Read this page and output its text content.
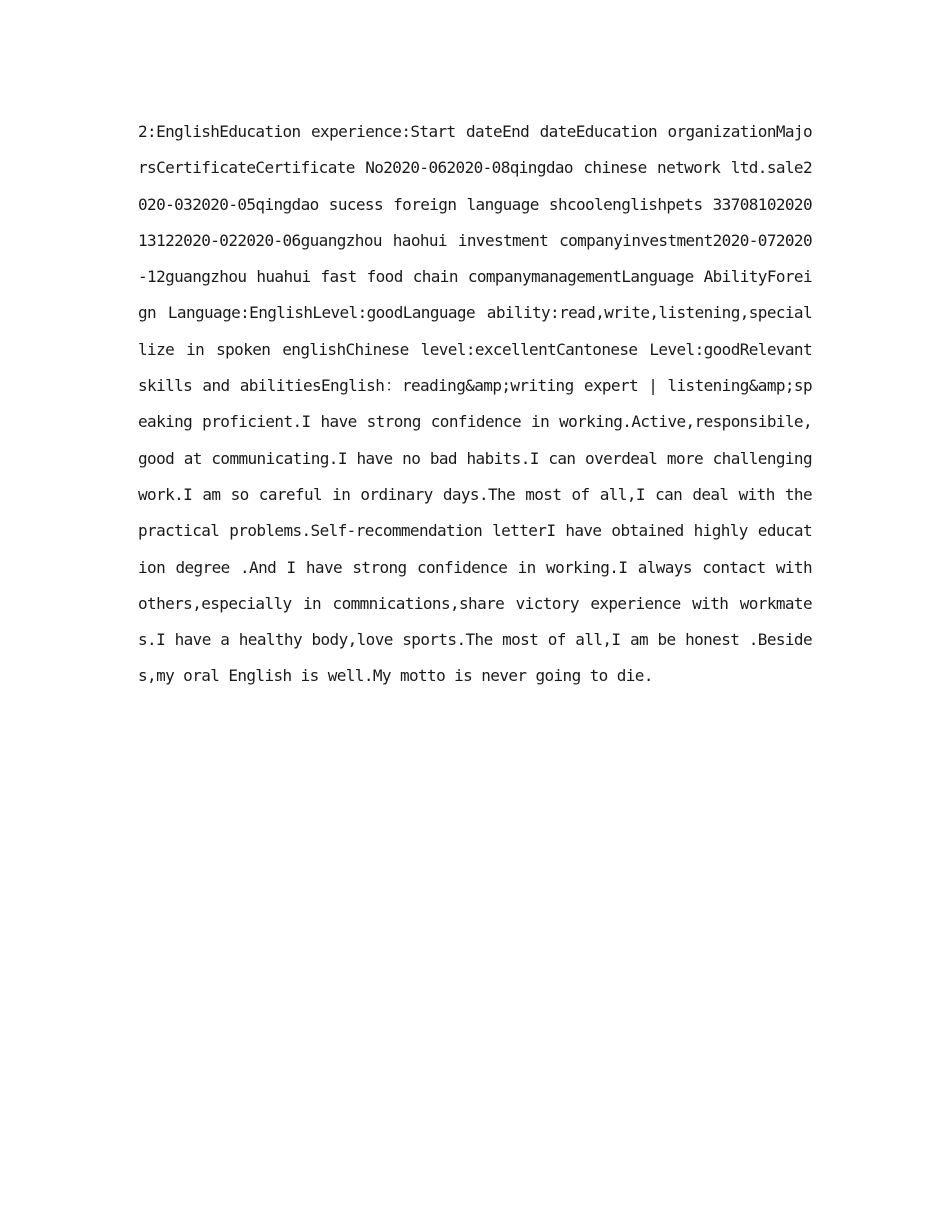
2:EnglishEducation experience:Start dateEnd dateEducation organizationMajorsCertificateCertificate No2020-062020-08qingdao chinese network ltd.sale2020-032020-05qingdao sucess foreign language shcoolenglishpets 3370810202013122020-022020-06guangzhou haohui investment companyinvestment2020-072020-12guangzhou huahui fast food chain companymanagementLanguage AbilityForeign Language:EnglishLevel:goodLanguage ability:read,write,listening,speciallize in spoken englishChinese level:excellentCantonese Level:goodRelevant skills and abilitiesEnglish：reading&amp;writing expert | listening&amp;speaking proficient.I have strong confidence in working.Active,responsibile,good at communicating.I have no bad habits.I can overdeal more challenging work.I am so careful in ordinary days.The most of all,I can deal with the practical problems.Self-recommendation letterI have obtained highly education degree .And I have strong confidence in working.I always contact with others,especially in commnications,share victory experience with workmates.I have a healthy body,love sports.The most of all,I am be honest .Besides,my oral English is well.My motto is never going to die.
